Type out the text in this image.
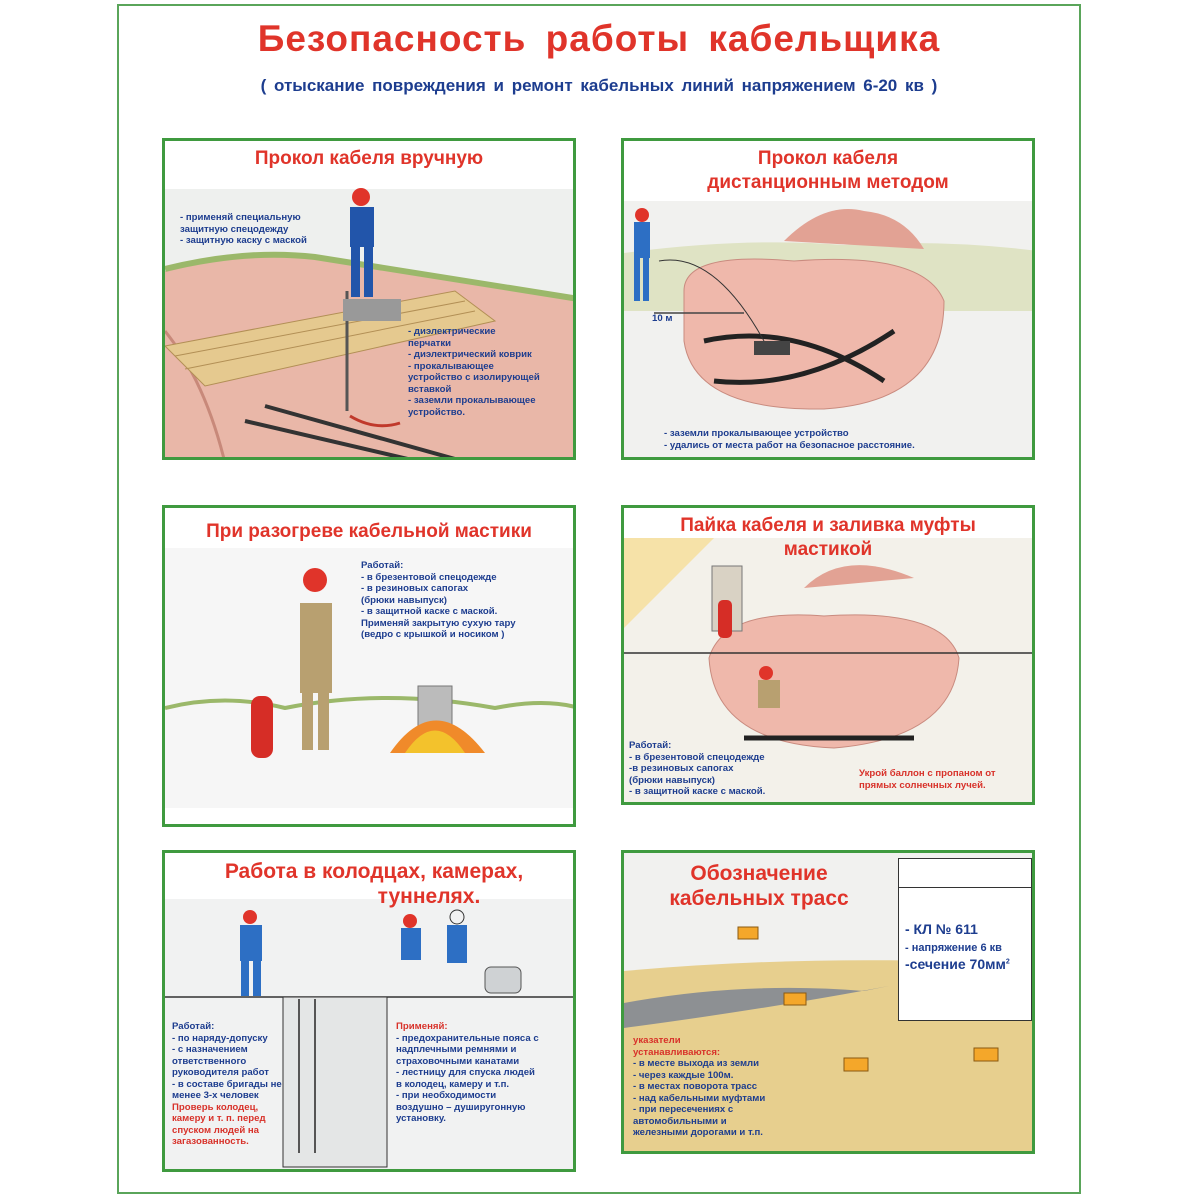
Безопасность работы кабельщика
( отыскание повреждения и ремонт кабельных линий напряжением 6-20 кв )
Прокол кабеля вручную
- применяй специальную
защитную спецодежду
- защитную каску с маской
- диэлектрические
перчатки
- диэлектрический коврик
- прокалывающее
устройство с изолирующей
вставкой
- заземли прокалывающее
устройство.
Прокол кабеля
дистанционным методом
10 м
- заземли прокалывающее устройство
- удались от места работ на безопасное расстояние.
При разогреве кабельной мастики
Работай:
- в брезентовой спецодежде
- в резиновых сапогах
(брюки навыпуск)
- в защитной каске с маской.
Применяй закрытую сухую тару
(ведро с крышкой и носиком )
Пайка кабеля и заливка муфты
мастикой
Работай:
- в брезентовой спецодежде
-в резиновых сапогах
(брюки навыпуск)
- в защитной каске с маской.
Укрой баллон с пропаном от
прямых солнечных лучей.
Работа в колодцах, камерах,
туннелях.
Работай:
- по наряду-допуску
- с назначением
ответственного
руководителя работ
- в составе бригады не
менее 3-х человек
Проверь колодец,
камеру и т. п. перед
спуском людей на
загазованность.
Применяй:
- предохранительные пояса с
надплечными ремнями и
страховочными канатами
- лестницу для спуска людей
в колодец, камеру и т.п.
- при необходимости
воздушно – душиругонную
установку.
Обозначение
кабельных трасс
- КЛ № 611
- напряжение 6 кв
-сечение $70мм^2$
указатели
устанавливаются:
- в месте выхода из земли
- через каждые 100м.
- в местах поворота трасс
- над кабельными муфтами
- при пересечениях с
автомобильными и
железными дорогами и т.п.
